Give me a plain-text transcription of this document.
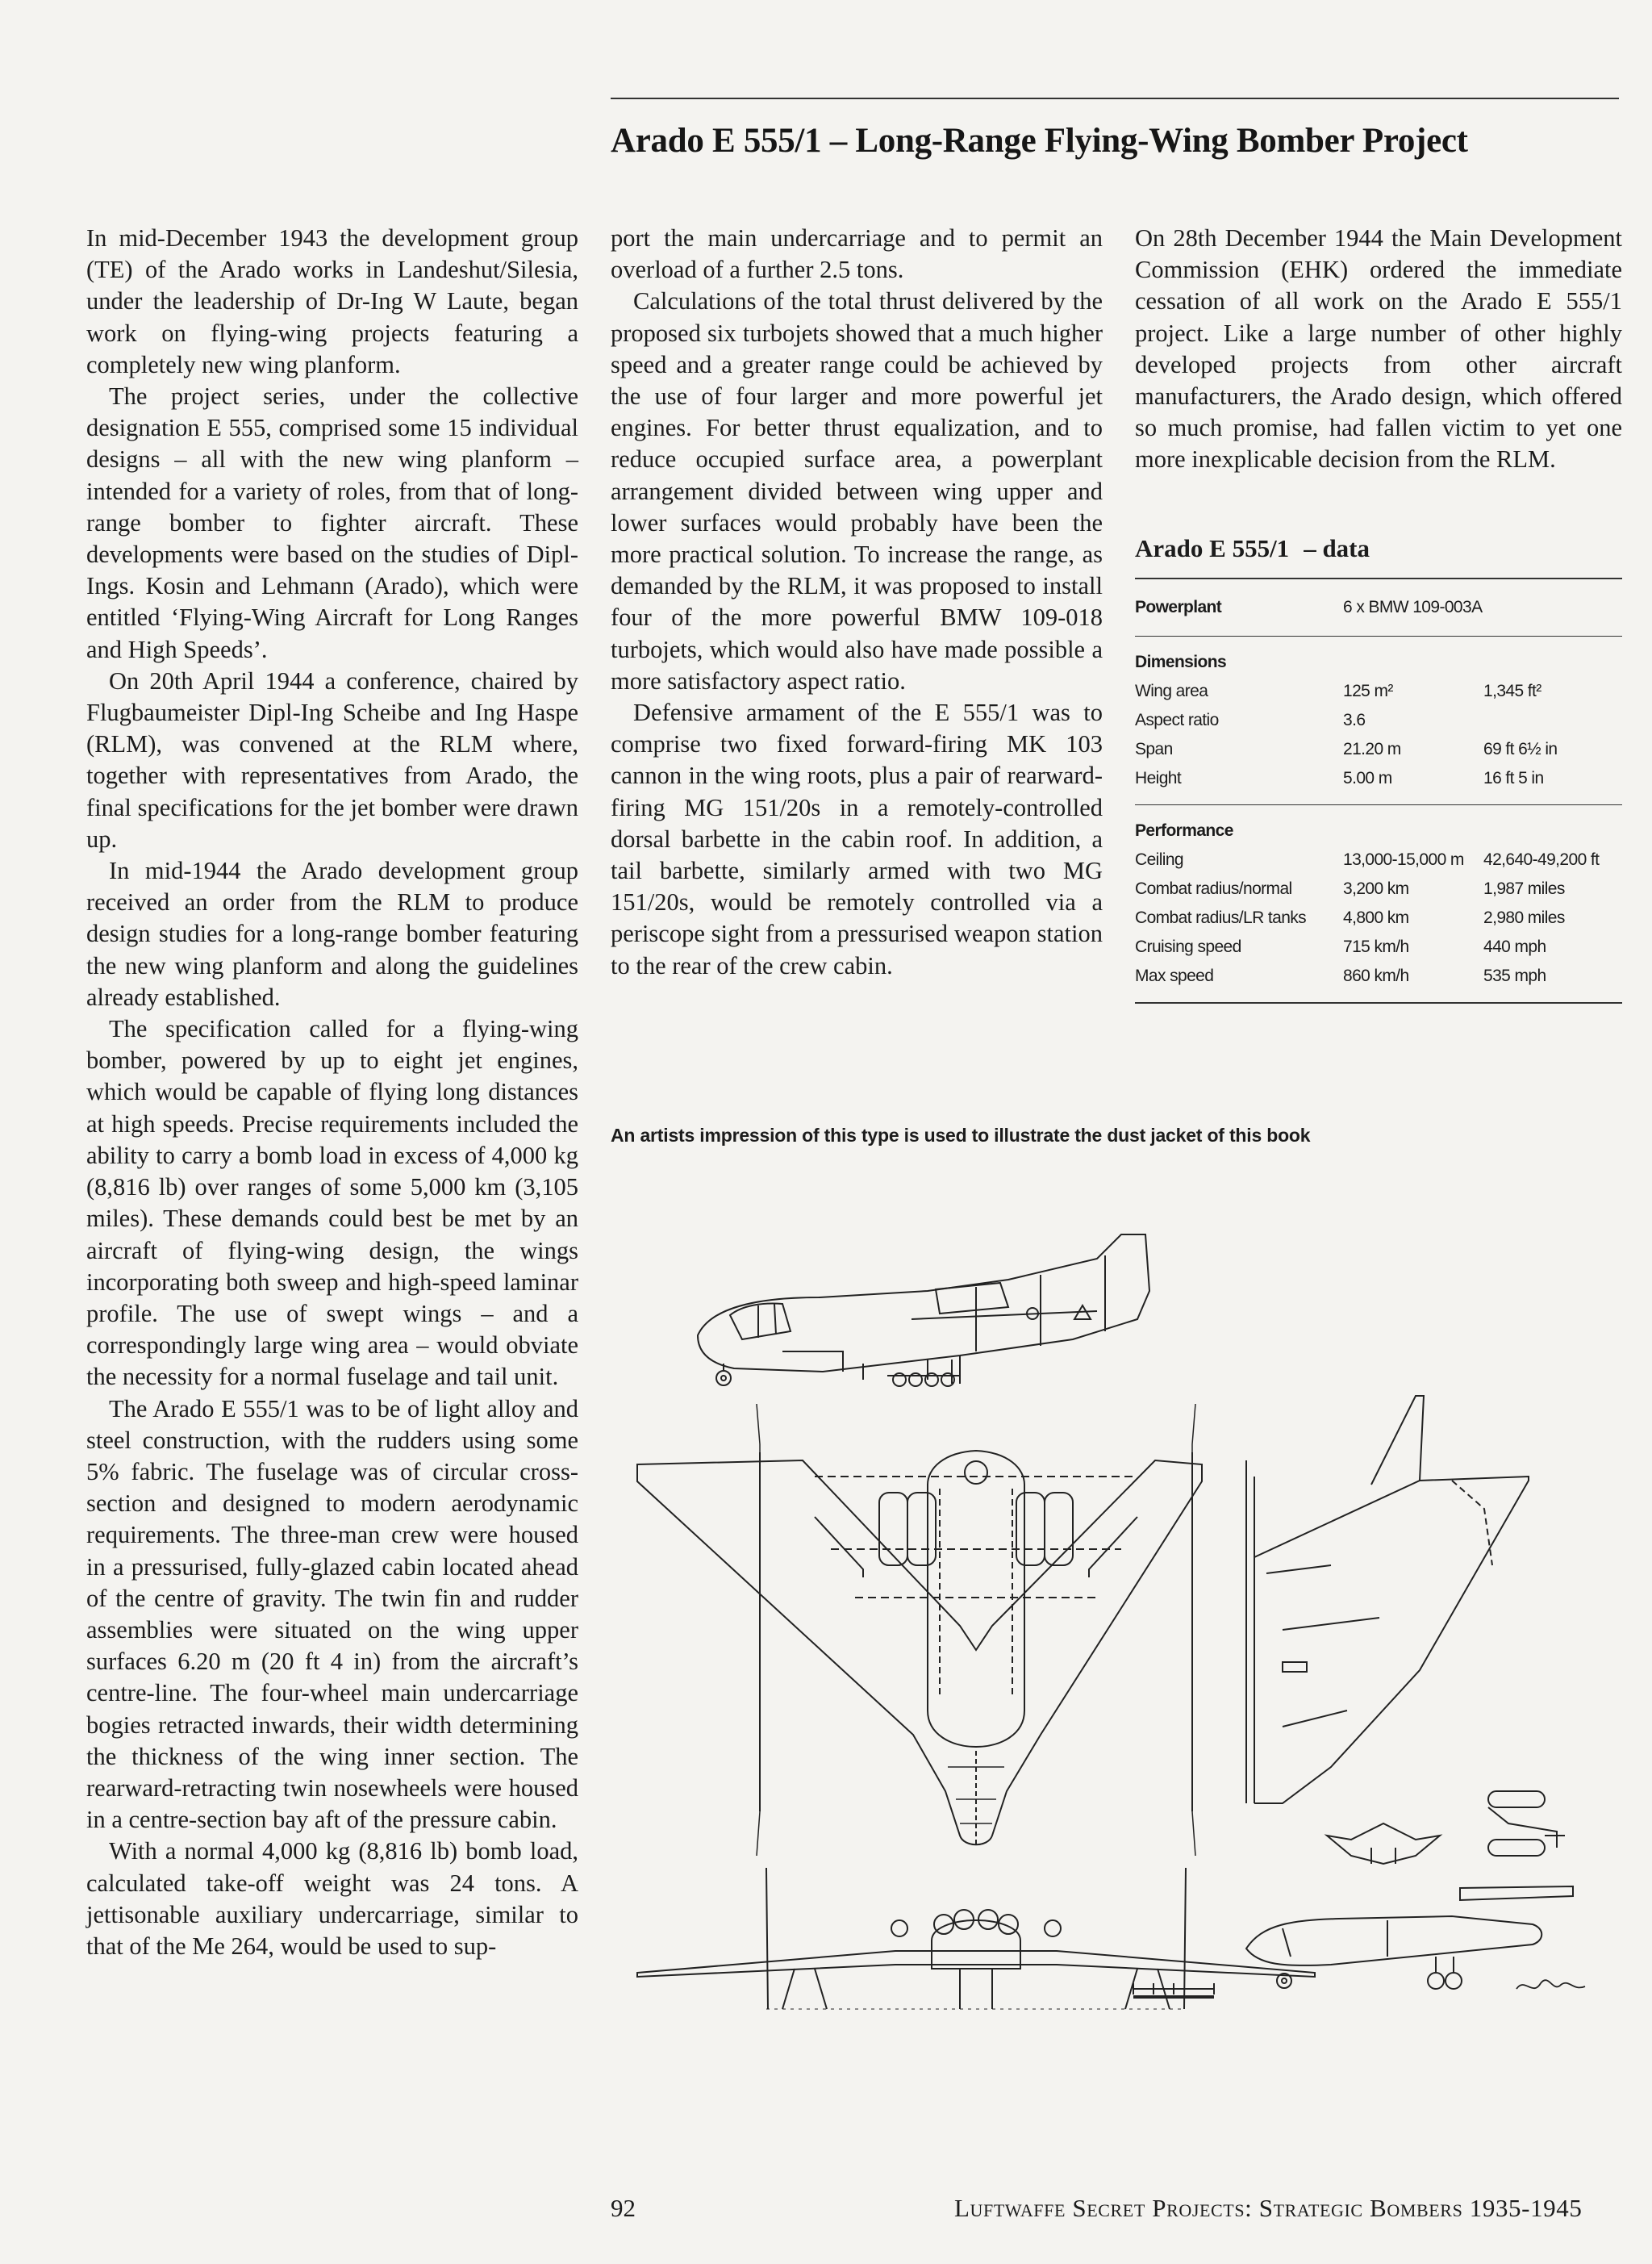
Arado E 555/1 – Long-Range Flying-Wing Bomber Project

In mid-December 1943 the development group (TE) of the Arado works in Landeshut/Silesia, under the leadership of Dr-Ing W Laute, began work on flying-wing projects featuring a completely new wing planform.

The project series, under the collective designation E 555, comprised some 15 individual designs – all with the new wing planform – intended for a variety of roles, from that of long-range bomber to fighter aircraft. These developments were based on the studies of Dipl-Ings. Kosin and Lehmann (Arado), which were entitled ‘Flying-Wing Aircraft for Long Ranges and High Speeds’.

On 20th April 1944 a conference, chaired by Flugbaumeister Dipl-Ing Scheibe and Ing Haspe (RLM), was convened at the RLM where, together with representatives from Arado, the final specifications for the jet bomber were drawn up.

In mid-1944 the Arado development group received an order from the RLM to produce design studies for a long-range bomber featuring the new wing planform and along the guidelines already established.

The specification called for a flying-wing bomber, powered by up to eight jet engines, which would be capable of flying long distances at high speeds. Precise requirements included the ability to carry a bomb load in excess of 4,000 kg (8,816 lb) over ranges of some 5,000 km (3,105 miles). These demands could best be met by an aircraft of flying-wing design, the wings incorporating both sweep and high-speed laminar profile. The use of swept wings – and a correspondingly large wing area – would obviate the necessity for a normal fuselage and tail unit.

The Arado E 555/1 was to be of light alloy and steel construction, with the rudders using some 5% fabric. The fuselage was of circular cross-section and designed to modern aerodynamic requirements. The three-man crew were housed in a pressurised, fully-glazed cabin located ahead of the centre of gravity. The twin fin and rudder assemblies were situated on the wing upper surfaces 6.20 m (20 ft 4 in) from the aircraft’s centre-line. The four-wheel main undercarriage bogies retracted inwards, their width determining the thickness of the wing inner section. The rearward-retracting twin nosewheels were housed in a centre-section bay aft of the pressure cabin.

With a normal 4,000 kg (8,816 lb) bomb load, calculated take-off weight was 24 tons. A jettisonable auxiliary undercarriage, similar to that of the Me 264, would be used to sup-

port the main undercarriage and to permit an overload of a further 2.5 tons.

Calculations of the total thrust delivered by the proposed six turbojets showed that a much higher speed and a greater range could be achieved by the use of four larger and more powerful jet engines. For better thrust equalization, and to reduce occupied surface area, a powerplant arrangement divided between wing upper and lower surfaces would probably have been the more practical solution. To increase the range, as demanded by the RLM, it was proposed to install four of the more powerful BMW 109-018 turbojets, which would also have made possible a more satisfactory aspect ratio.

Defensive armament of the E 555/1 was to comprise two fixed forward-firing MK 103 cannon in the wing roots, plus a pair of rearward-firing MG 151/20s in a remotely-controlled dorsal barbette in the cabin roof. In addition, a tail barbette, similarly armed with two MG 151/20s, would be remotely controlled via a periscope sight from a pressurised weapon station to the rear of the crew cabin.

On 28th December 1944 the Main Development Commission (EHK) ordered the immediate cessation of all work on the Arado E 555/1 project. Like a large number of other highly developed projects from other aircraft manufacturers, the Arado design, which offered so much promise, had fallen victim to yet one more inexplicable decision from the RLM.

Arado E 555/1 – data
Powerplant	6 x BMW 109-003A
Dimensions		
Wing area	125 m²	1,345 ft²
Aspect ratio	3.6	
Span	21.20 m	69 ft 6½ in
Height	5.00 m	16 ft 5 in
Performance		
Ceiling	13,000-15,000 m	42,640-49,200 ft
Combat radius/normal	3,200 km	1,987 miles
Combat radius/LR tanks	4,800 km	2,980 miles
Cruising speed	715 km/h	440 mph
Max speed	860 km/h	535 mph
An artists impression of this type is used to illustrate the dust jacket of this book
92	Luftwaffe Secret Projects: Strategic Bombers 1935-1945
